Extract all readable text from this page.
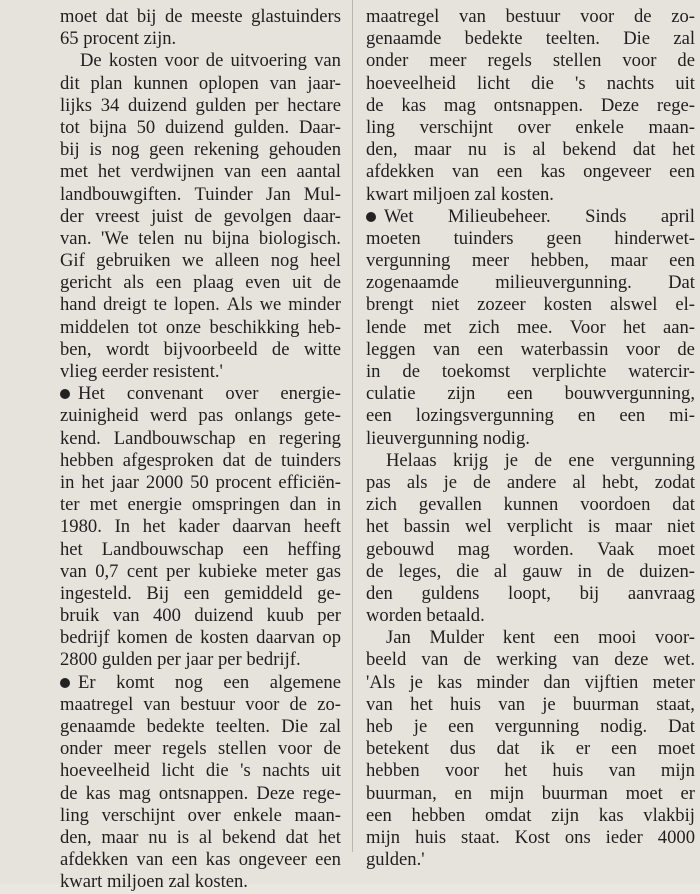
moet dat bij de meeste glastuinders
65 procent zijn.
De kosten voor de uitvoering van
dit plan kunnen oplopen van jaar-
lijks 34 duizend gulden per hectare
tot bijna 50 duizend gulden. Daar-
bij is nog geen rekening gehouden
met het verdwijnen van een aantal
landbouwgiften. Tuinder Jan Mul-
der vreest juist de gevolgen daar-
van. 'We telen nu bijna biologisch.
Gif gebruiken we alleen nog heel
gericht als een plaag even uit de
hand dreigt te lopen. Als we minder
middelen tot onze beschikking heb-
ben, wordt bijvoorbeeld de witte
vlieg eerder resistent.'
Het convenant over energie-
zuinigheid werd pas onlangs gete-
kend. Landbouwschap en regering
hebben afgesproken dat de tuinders
in het jaar 2000 50 procent efficiën-
ter met energie omspringen dan in
1980. In het kader daarvan heeft
het Landbouwschap een heffing
van 0,7 cent per kubieke meter gas
ingesteld. Bij een gemiddeld ge-
bruik van 400 duizend kuub per
bedrijf komen de kosten daarvan op
2800 gulden per jaar per bedrijf.
Er komt nog een algemene
maatregel van bestuur voor de zo-
genaamde bedekte teelten. Die zal
onder meer regels stellen voor de
hoeveelheid licht die 's nachts uit
de kas mag ontsnappen. Deze rege-
ling verschijnt over enkele maan-
den, maar nu is al bekend dat het
afdekken van een kas ongeveer een
kwart miljoen zal kosten.
maatregel van bestuur voor de zo-
genaamde bedekte teelten. Die zal
onder meer regels stellen voor de
hoeveelheid licht die 's nachts uit
de kas mag ontsnappen. Deze rege-
ling verschijnt over enkele maan-
den, maar nu is al bekend dat het
afdekken van een kas ongeveer een
kwart miljoen zal kosten.
Wet Milieubeheer. Sinds april
moeten tuinders geen hinderwet-
vergunning meer hebben, maar een
zogenaamde milieuvergunning. Dat
brengt niet zozeer kosten alswel el-
lende met zich mee. Voor het aan-
leggen van een waterbassin voor de
in de toekomst verplichte watercir-
culatie zijn een bouwvergunning,
een lozingsvergunning en een mi-
lieuvergunning nodig.
Helaas krijg je de ene vergunning
pas als je de andere al hebt, zodat
zich gevallen kunnen voordoen dat
het bassin wel verplicht is maar niet
gebouwd mag worden. Vaak moet
de leges, die al gauw in de duizen-
den guldens loopt, bij aanvraag
worden betaald.
Jan Mulder kent een mooi voor-
beeld van de werking van deze wet.
'Als je kas minder dan vijftien meter
van het huis van je buurman staat,
heb je een vergunning nodig. Dat
betekent dus dat ik er een moet
hebben voor het huis van mijn
buurman, en mijn buurman moet er
een hebben omdat zijn kas vlakbij
mijn huis staat. Kost ons ieder 4000
gulden.'
